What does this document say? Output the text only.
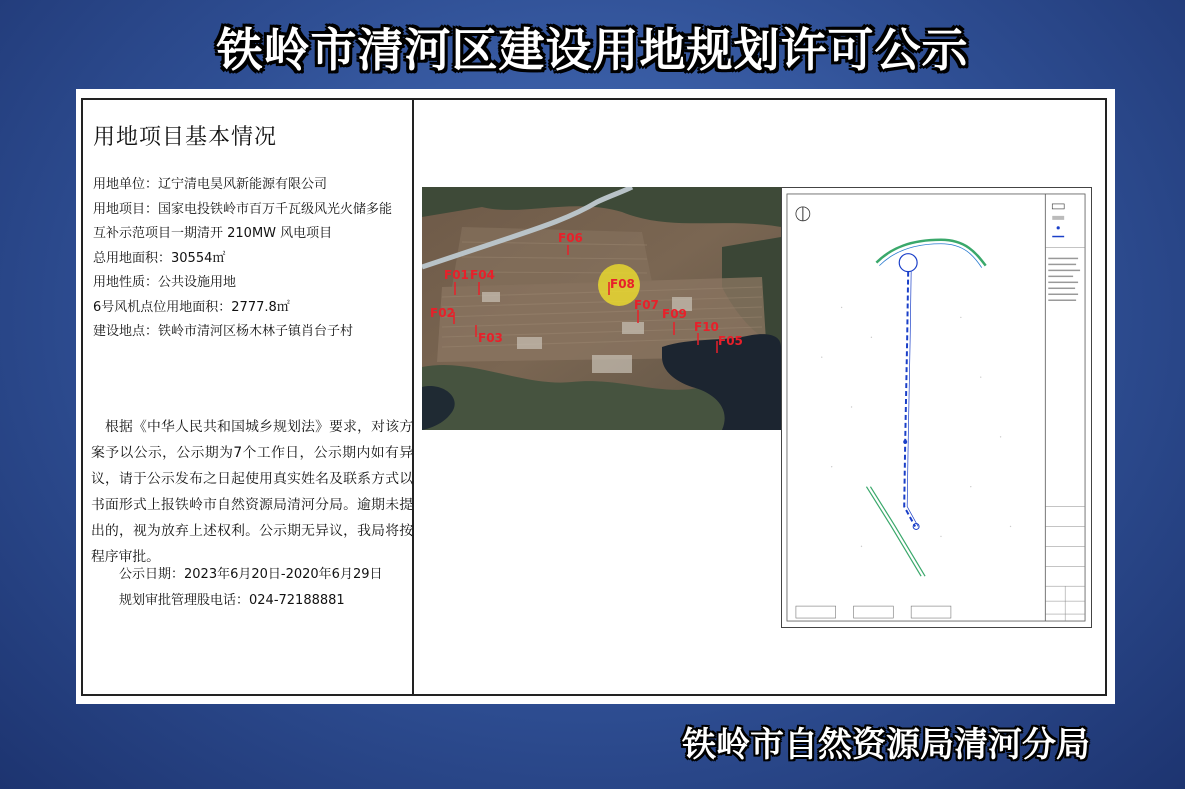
铁岭市清河区建设用地规划许可公示
用地项目基本情况
用地单位：辽宁清电昊风新能源有限公司
用地项目：国家电投铁岭市百万千瓦级风光火储多能
互补示范项目一期清开 210MW 风电项目
总用地面积：30554㎡
用地性质：公共设施用地
6号风机点位用地面积：2777.8㎡
建设地点：铁岭市清河区杨木林子镇肖台子村
根据《中华人民共和国城乡规划法》要求，对该方案予以公示，公示期为7个工作日，公示期内如有异议，请于公示发布之日起使用真实姓名及联系方式以书面形式上报铁岭市自然资源局清河分局。逾期未提出的，视为放弃上述权利。公示期无异议，我局将按程序审批。
公示日期：2023年6月20日-2020年6月29日
规划审批管理股电话：024-72188881
F06
F01 F04
F02
F03
F08
F07
F09
F10
F05
铁岭市自然资源局清河分局
